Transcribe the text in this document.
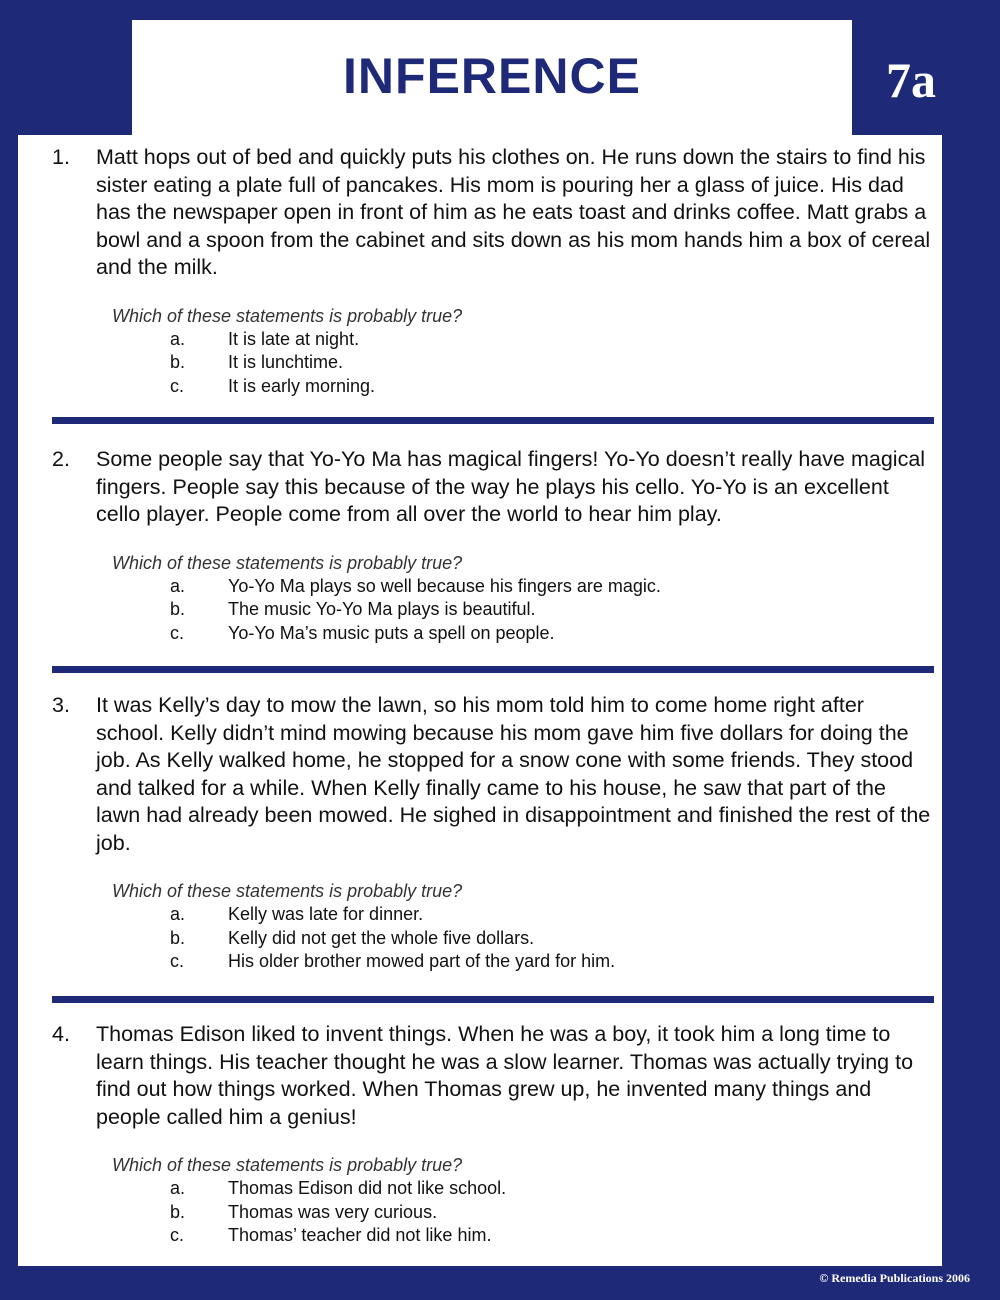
INFERENCE	7a
1.	Matt hops out of bed and quickly puts his clothes on. He runs down the stairs to find his sister eating a plate full of pancakes. His mom is pouring her a glass of juice. His dad has the newspaper open in front of him as he eats toast and drinks coffee. Matt grabs a bowl and a spoon from the cabinet and sits down as his mom hands him a box of cereal and the milk.
Which of these statements is probably true?
a.	It is late at night.
b.	It is lunchtime.
c.	It is early morning.
2.	Some people say that Yo-Yo Ma has magical fingers! Yo-Yo doesn’t really have magical fingers. People say this because of the way he plays his cello. Yo-Yo is an excellent cello player. People come from all over the world to hear him play.
Which of these statements is probably true?
a.	Yo-Yo Ma plays so well because his fingers are magic.
b.	The music Yo-Yo Ma plays is beautiful.
c.	Yo-Yo Ma’s music puts a spell on people.
3.	It was Kelly’s day to mow the lawn, so his mom told him to come home right after school. Kelly didn’t mind mowing because his mom gave him five dollars for doing the job. As Kelly walked home, he stopped for a snow cone with some friends. They stood and talked for a while. When Kelly finally came to his house, he saw that part of the lawn had already been mowed. He sighed in disappointment and finished the rest of the job.
Which of these statements is probably true?
a.	Kelly was late for dinner.
b.	Kelly did not get the whole five dollars.
c.	His older brother mowed part of the yard for him.
4.	Thomas Edison liked to invent things. When he was a boy, it took him a long time to learn things. His teacher thought he was a slow learner. Thomas was actually trying to find out how things worked. When Thomas grew up, he invented many things and people called him a genius!
Which of these statements is probably true?
a.	Thomas Edison did not like school.
b.	Thomas was very curious.
c.	Thomas’ teacher did not like him.
© Remedia Publications 2006
